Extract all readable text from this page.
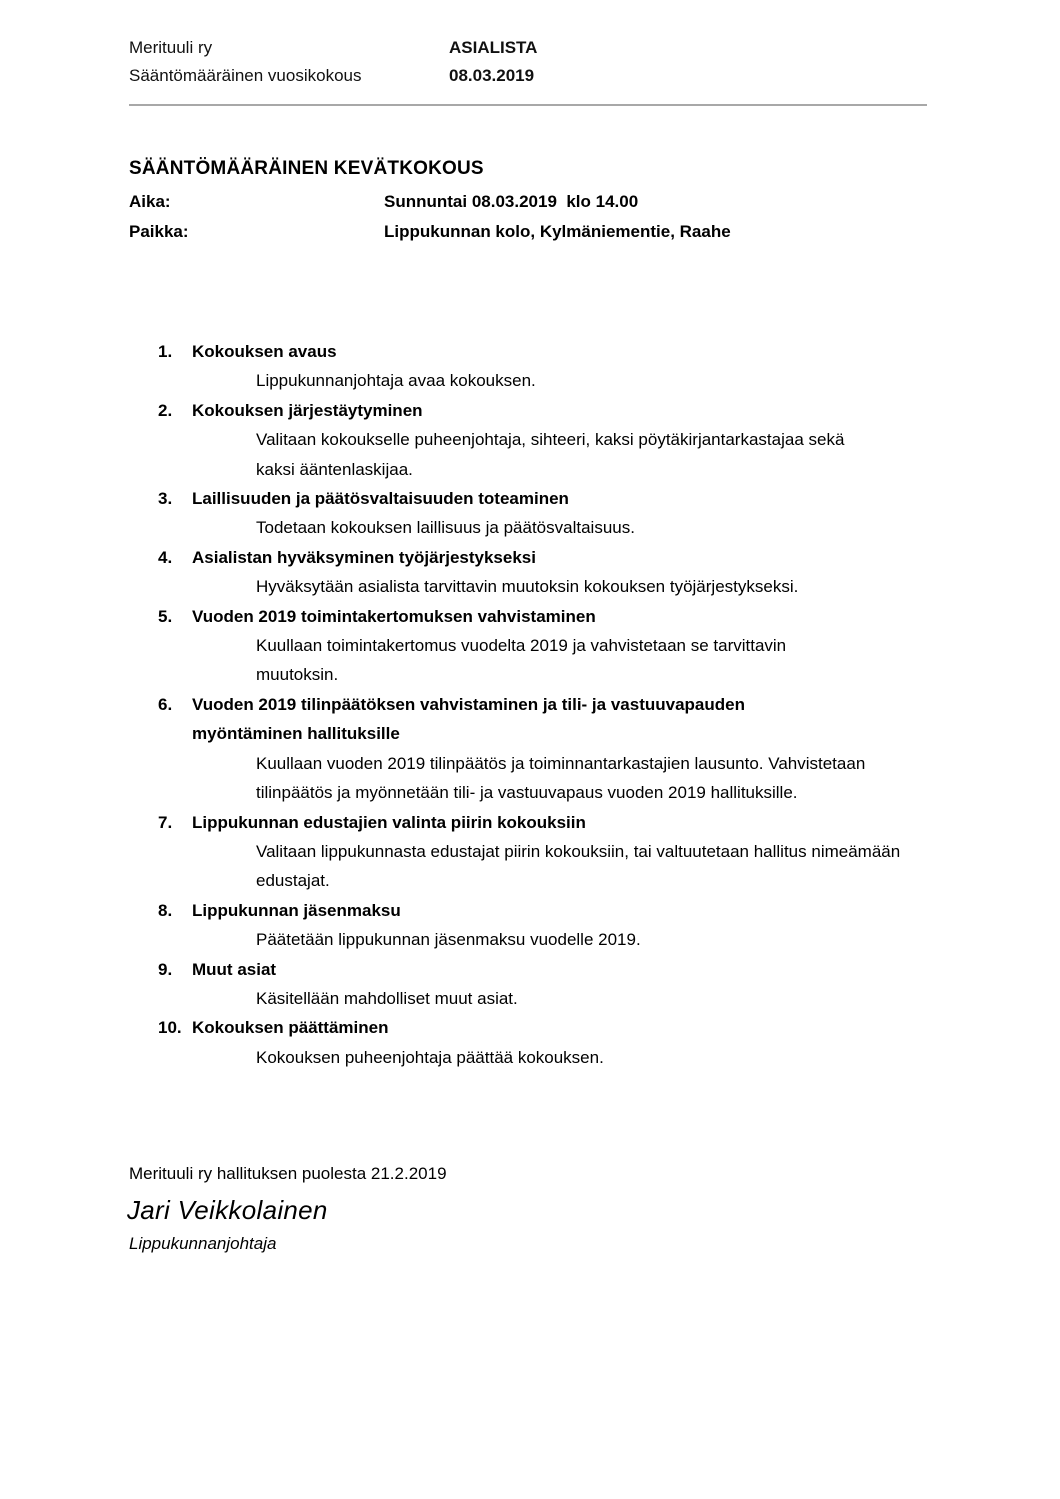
Merituuli ry
Sääntömääräinen vuosikokous
ASIALISTA
08.03.2019
SÄÄNTÖMÄÄRÄINEN KEVÄTKOKOUS
Aika:	Sunnuntai 08.03.2019  klo 14.00
Paikka:	Lippukunnan kolo, Kylmäniementie, Raahe
1. Kokouksen avaus
Lippukunnanjohtaja avaa kokouksen.
2. Kokouksen järjestäytyminen
Valitaan kokoukselle puheenjohtaja, sihteeri, kaksi pöytäkirjantarkastajaa sekä kaksi ääntenlaskijaa.
3. Laillisuuden ja päätösvaltaisuuden toteaminen
Todetaan kokouksen laillisuus ja päätösvaltaisuus.
4. Asialistan hyväksyminen työjärjestykseksi
Hyväksytään asialista tarvittavin muutoksin kokouksen työjärjestykseksi.
5. Vuoden 2019 toimintakertomuksen vahvistaminen
Kuullaan toimintakertomus vuodelta 2019 ja vahvistetaan se tarvittavin muutoksin.
6. Vuoden 2019 tilinpäätöksen vahvistaminen ja tili- ja vastuuvapauden myöntäminen hallituksille
Kuullaan vuoden 2019 tilinpäätös ja toiminnantarkastajien lausunto. Vahvistetaan tilinpäätös ja myönnetään tili- ja vastuuvapaus vuoden 2019 hallituksille.
7. Lippukunnan edustajien valinta piirin kokouksiin
Valitaan lippukunnasta edustajat piirin kokouksiin, tai valtuutetaan hallitus nimeämään edustajat.
8. Lippukunnan jäsenmaksu
Päätetään lippukunnan jäsenmaksu vuodelle 2019.
9. Muut asiat
Käsitellään mahdolliset muut asiat.
10. Kokouksen päättäminen
Kokouksen puheenjohtaja päättää kokouksen.
Merituuli ry hallituksen puolesta 21.2.2019
Jari Veikkolainen
Lippukunnanjohtaja
